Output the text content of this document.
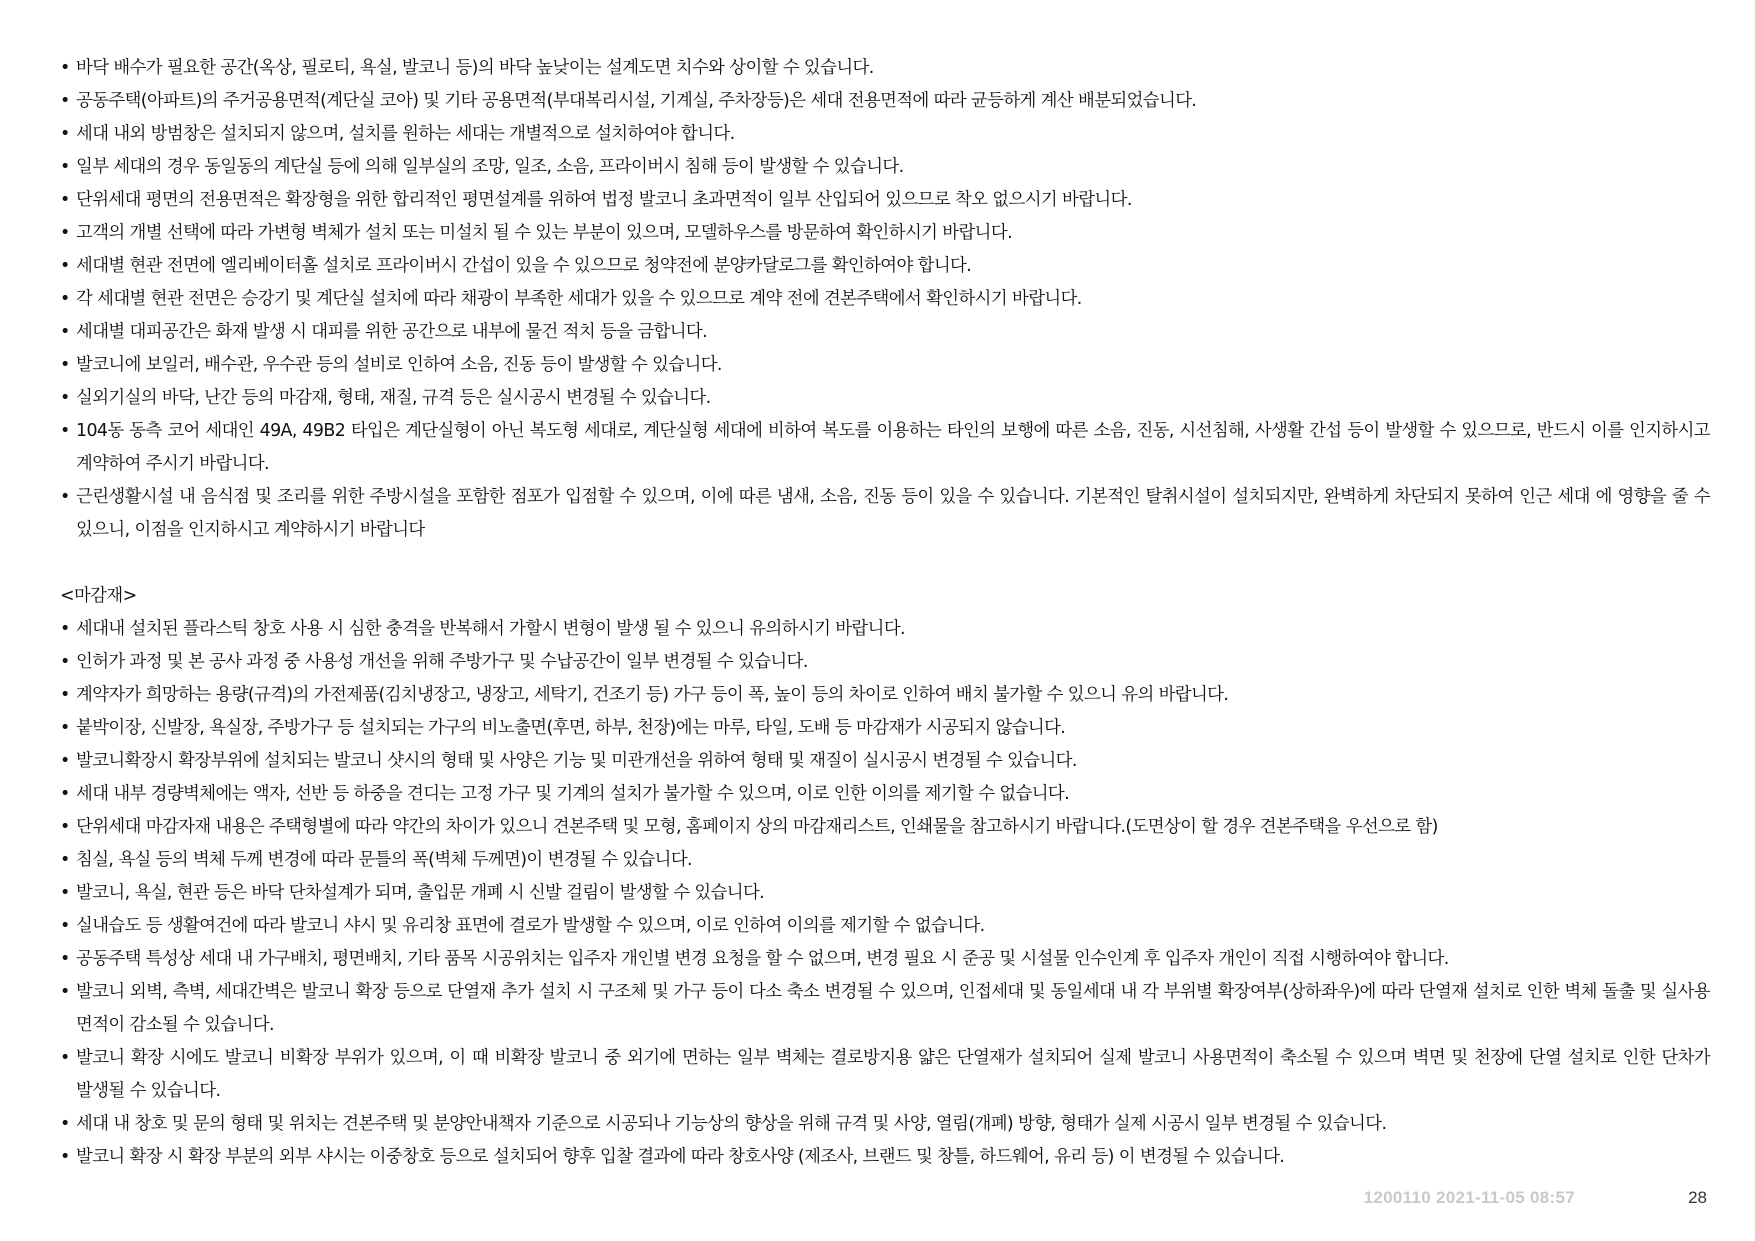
• 바닥 배수가 필요한 공간(옥상, 필로티, 욕실, 발코니 등)의 바닥 높낮이는 설계도면 치수와 상이할 수 있습니다.
• 공동주택(아파트)의 주거공용면적(계단실 코아) 및 기타 공용면적(부대복리시설, 기계실, 주차장등)은 세대 전용면적에 따라 균등하게 계산 배분되었습니다.
• 세대 내외 방범창은 설치되지 않으며, 설치를 원하는 세대는 개별적으로 설치하여야 합니다.
• 일부 세대의 경우 동일동의 계단실 등에 의해 일부실의 조망, 일조, 소음, 프라이버시 침해 등이 발생할 수 있습니다.
• 단위세대 평면의 전용면적은 확장형을 위한 합리적인 평면설계를 위하여 법정 발코니 초과면적이 일부 산입되어 있으므로 착오 없으시기 바랍니다.
• 고객의 개별 선택에 따라 가변형 벽체가 설치 또는 미설치 될 수 있는 부분이 있으며, 모델하우스를 방문하여 확인하시기 바랍니다.
• 세대별 현관 전면에 엘리베이터홀 설치로 프라이버시 간섭이 있을 수 있으므로 청약전에 분양카달로그를 확인하여야 합니다.
• 각 세대별 현관 전면은 승강기 및 계단실 설치에 따라 채광이 부족한 세대가 있을 수 있으므로 계약 전에 견본주택에서 확인하시기 바랍니다.
• 세대별 대피공간은 화재 발생 시 대피를 위한 공간으로 내부에 물건 적치 등을 금합니다.
• 발코니에 보일러, 배수관, 우수관 등의 설비로 인하여 소음, 진동 등이 발생할 수 있습니다.
• 실외기실의 바닥, 난간 등의 마감재, 형태, 재질, 규격 등은 실시공시 변경될 수 있습니다.
• 104동 동측 코어 세대인 49A, 49B2 타입은 계단실형이 아닌 복도형 세대로, 계단실형 세대에 비하여 복도를 이용하는 타인의 보행에 따른 소음, 진동, 시선침해, 사생활 간섭 등이 발생할 수 있으므로, 반드시 이를 인지하시고 계약하여 주시기 바랍니다.
• 근린생활시설 내 음식점 및 조리를 위한 주방시설을 포함한 점포가 입점할 수 있으며, 이에 따른 냄새, 소음, 진동 등이 있을 수 있습니다. 기본적인 탈취시설이 설치되지만, 완벽하게 차단되지 못하여 인근 세대 에 영향을 줄 수 있으니, 이점을 인지하시고 계약하시기 바랍니다
<마감재>
• 세대내 설치된 플라스틱 창호 사용 시 심한 충격을 반복해서 가할시 변형이 발생 될 수 있으니 유의하시기 바랍니다.
• 인허가 과정 및 본 공사 과정 중 사용성 개선을 위해 주방가구 및 수납공간이 일부 변경될 수 있습니다.
• 계약자가 희망하는 용량(규격)의 가전제품(김치냉장고, 냉장고, 세탁기, 건조기 등) 가구 등이 폭, 높이 등의 차이로 인하여 배치 불가할 수 있으니 유의 바랍니다.
• 붙박이장, 신발장, 욕실장, 주방가구 등 설치되는 가구의 비노출면(후면, 하부, 천장)에는 마루, 타일, 도배 등 마감재가 시공되지 않습니다.
• 발코니확장시 확장부위에 설치되는 발코니 샷시의 형태 및 사양은 기능 및 미관개선을 위하여 형태 및 재질이 실시공시 변경될 수 있습니다.
• 세대 내부 경량벽체에는 액자, 선반 등 하중을 견디는 고정 가구 및 기계의 설치가 불가할 수 있으며, 이로 인한 이의를 제기할 수 없습니다.
• 단위세대 마감자재 내용은 주택형별에 따라 약간의 차이가 있으니 견본주택 및 모형, 홈페이지 상의 마감재리스트, 인쇄물을 참고하시기 바랍니다.(도면상이 할 경우 견본주택을 우선으로 함)
• 침실, 욕실 등의 벽체 두께 변경에 따라 문틀의 폭(벽체 두께면)이 변경될 수 있습니다.
• 발코니, 욕실, 현관 등은 바닥 단차설계가 되며, 출입문 개폐 시 신발 걸림이 발생할 수 있습니다.
• 실내습도 등 생활여건에 따라 발코니 샤시 및 유리창 표면에 결로가 발생할 수 있으며, 이로 인하여 이의를 제기할 수 없습니다.
• 공동주택 특성상 세대 내 가구배치, 평면배치, 기타 품목 시공위치는 입주자 개인별 변경 요청을 할 수 없으며, 변경 필요 시 준공 및 시설물 인수인계 후 입주자 개인이 직접 시행하여야 합니다.
• 발코니 외벽, 측벽, 세대간벽은 발코니 확장 등으로 단열재 추가 설치 시 구조체 및 가구 등이 다소 축소 변경될 수 있으며, 인접세대 및 동일세대 내 각 부위별 확장여부(상하좌우)에 따라 단열재 설치로 인한 벽체 돌출 및 실사용 면적이 감소될 수 있습니다.
• 발코니 확장 시에도 발코니 비확장 부위가 있으며, 이 때 비확장 발코니 중 외기에 면하는 일부 벽체는 결로방지용 얇은 단열재가 설치되어 실제 발코니 사용면적이 축소될 수 있으며 벽면 및 천장에 단열 설치로 인한 단차가 발생될 수 있습니다.
• 세대 내 창호 및 문의 형태 및 위치는 견본주택 및 분양안내책자 기준으로 시공되나 기능상의 향상을 위해 규격 및 사양, 열림(개폐) 방향, 형태가 실제 시공시 일부 변경될 수 있습니다.
• 발코니 확장 시 확장 부분의 외부 샤시는 이중창호 등으로 설치되어 향후 입찰 결과에 따라 창호사양 (제조사, 브랜드 및 창틀, 하드웨어, 유리 등) 이 변경될 수 있습니다.
1200110 2021-11-05 08:57	28
